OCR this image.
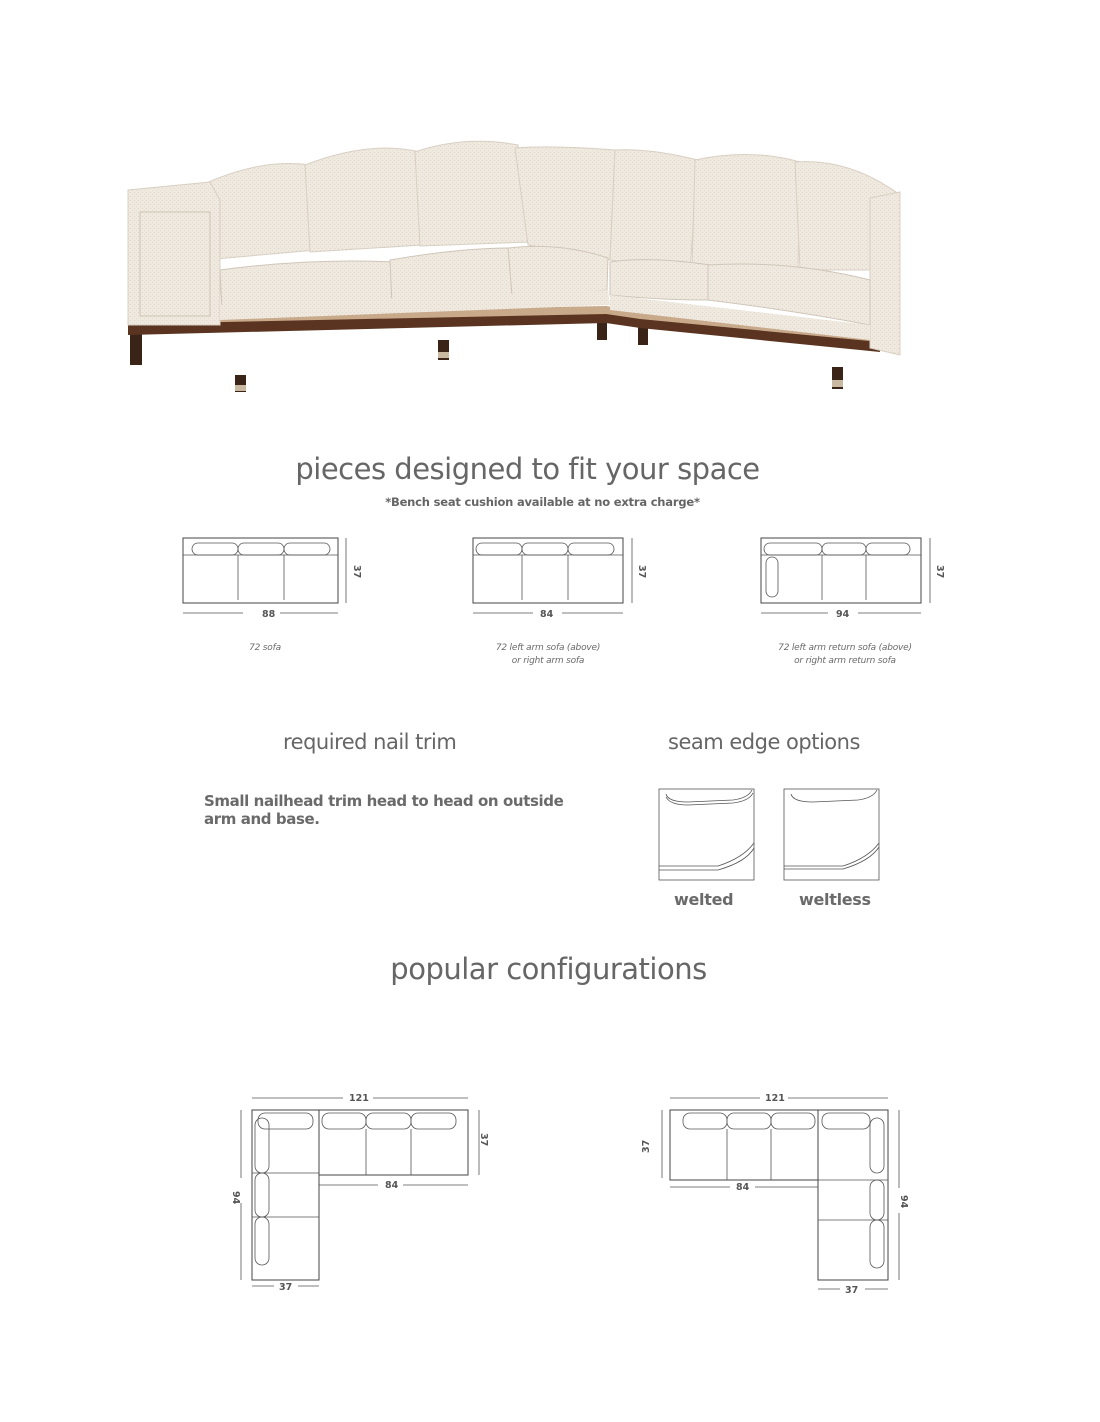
pieces designed to fit your space
*Bench seat cushion available at no extra charge*
88
37
72 sofa
84
37
72 left arm sofa (above)
or right arm sofa
94
37
72 left arm return sofa (above)
or right arm return sofa
required nail trim
Small nailhead trim head to head on outside arm and base.
seam edge options
welted	weltless
popular configurations
121
94
37
84
37
121
37
84
94
37
